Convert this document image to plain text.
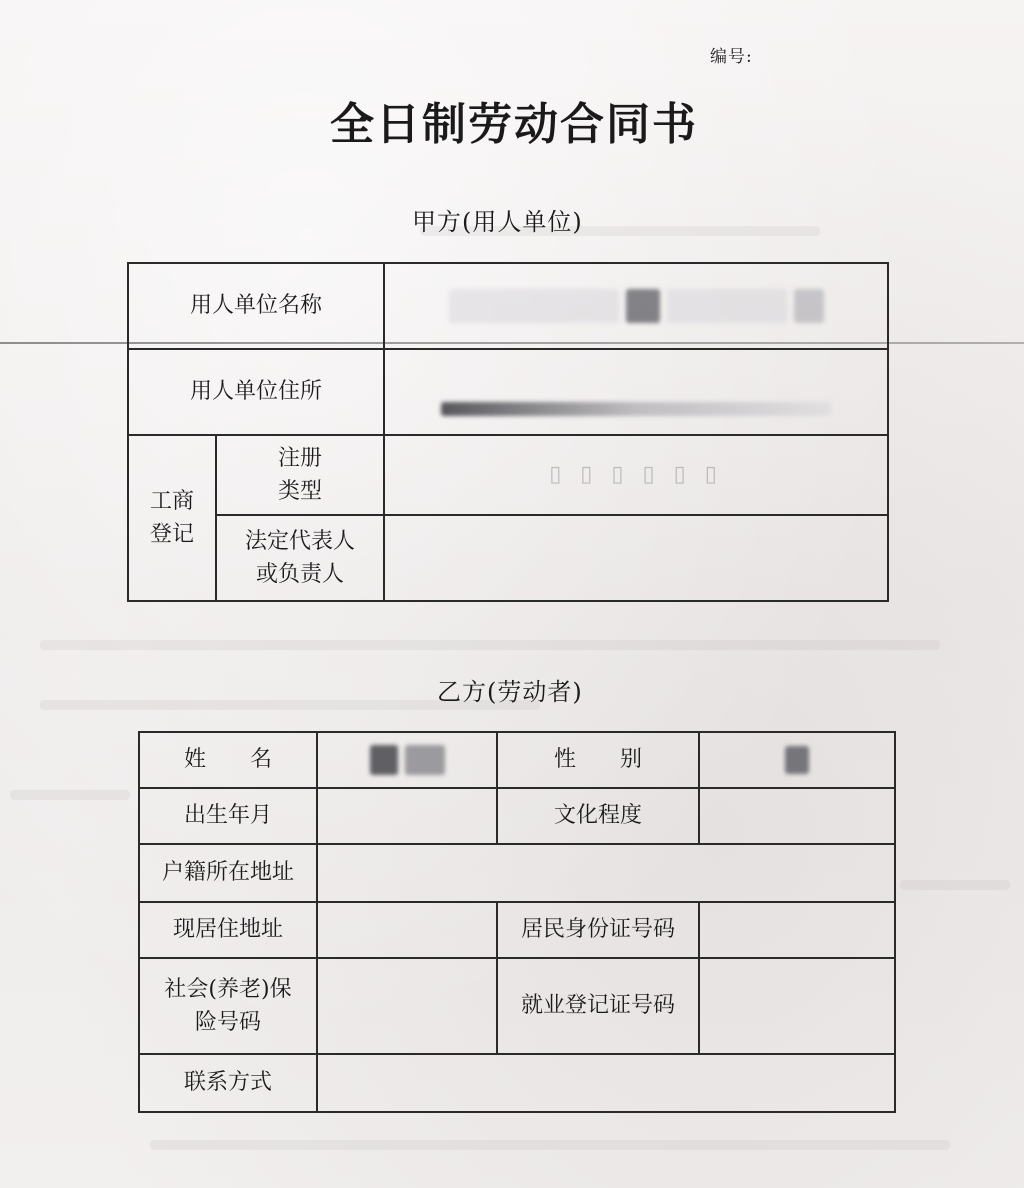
编号:
全日制劳动合同书
甲方(用人单位)
用人单位名称		
用人单位住所		

工商登记	注册类型	▯ ▯ ▯ ▯ ▯ ▯

	法定代表人或负责人	

乙方(劳动者)
姓　　名		性　　别	
出生年月		文化程度	
户籍所在地址			
现居住地址		居民身份证号码	

社会(养老)保险号码		就业登记证号码	
联系方式			
